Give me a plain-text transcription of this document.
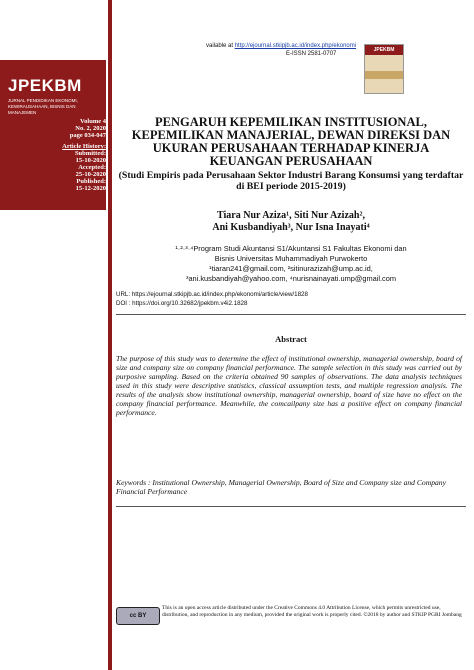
JPEKBM
JURNAL PENDIDIKAN EKONOMI, KEWIRAUSAHAAN, BISNIS DAN MANAJEMEN
Volume 4
No. 2, 2020
page 034-047
Article History:
Submitted:
15-10-2020
Accepted:
25-10-2020
Published:
15-12-2020
vailable at http://ejournal.stkipjb.ac.id/index.php/ekonomi
E-ISSN 2581-0707
JPEKBM
PENGARUH KEPEMILIKAN INSTITUSIONAL, KEPEMILIKAN MANAJERIAL, DEWAN DIREKSI DAN UKURAN PERUSAHAAN TERHADAP KINERJA KEUANGAN PERUSAHAAN
(Studi Empiris pada Perusahaan Sektor Industri Barang Konsumsi yang terdaftar di BEI periode 2015-2019)
Tiara Nur Aziza¹, Siti Nur Azizah²,
Ani Kusbandiyah³, Nur Isna Inayati⁴
¹·²·³·⁴Program Studi Akuntansi S1/Akuntansi S1 Fakultas Ekonomi dan
Bisnis Universitas Muhammadiyah Purwokerto
¹tiaran241@gmail.com, ²sitinurazizah@ump.ac.id,
³ani.kusbandiyah@yahoo.com, ⁴nurisnainayati.ump@gmail.com
URL: https://ejournal.stkipjb.ac.id/index.php/ekonomi/article/view/1828
DOI : https://doi.org/10.32682/jpekbm.v4i2.1828
Abstract
The purpose of this study was to determine the effect of institutional ownership, managerial ownership, board of size and company size on company financial performance. The sample selection in this study was carried out by purposive sampling. Based on the criteria obtained 90 samples of observations. The data analysis techniques used in this study were descriptive statistics, classical assumption tests, and multiple regression analysis. The results of the analysis show institutional ownership, managerial ownership, board of size have no effect on the company financial performance. Meanwhile, the comcailpany size has a positive effect on company financial performance.
Keywords : Institutional Ownership, Managerial Ownership, Board of Size and Company size and Company Financial Performance
cc BY
This is an open access article distributed under the Creative Commons 4.0 Attribution License, which permits unrestricted use, distribution, and reproduction in any medium, provided the original work is properly cited. ©2018 by author and STKIP PGRI Jombang
